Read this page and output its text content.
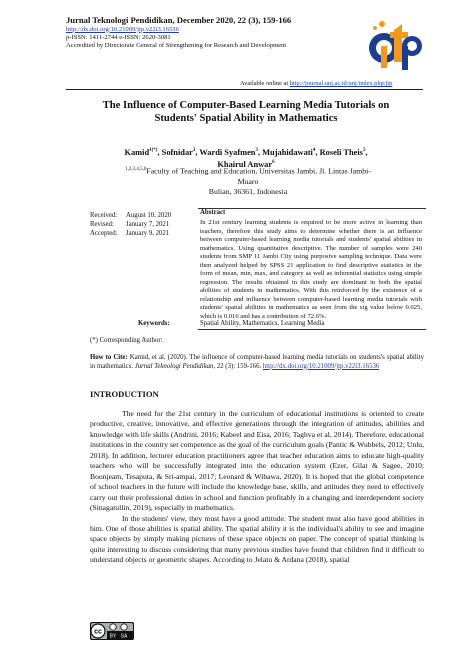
Jurnal Teknologi Pendidikan, December 2020, 22 (3), 159-166
http://dx.doi.org/10.21009/jtp.v22i3.16536
p-ISSN: 1411-2744 e-ISSN: 2620-3081
Accredited by Directorate General of Strengthening for Research and Development
Available online at http://journal.unj.ac.id/unj/index.php/jtp
The Influence of Computer-Based Learning Media Tutorials on
Students' Spatial Ability in Mathematics
Kamid$^{1(*)}$, Sofnidar$^2$, Wardi Syafmen$^3$, Mujahidawati$^4$, Roseli Theis$^5$,
Khairul Anwar$^6$
$^{1,2,3,4,5,6}$Faculty of Teaching and Education, Universitas Jambi, Jl. Lintas Jambi-Muaro
Bulian, 36361, Indonesia
Received:	August 10, 2020
Revised:	January 7, 2021
Accepted:	January 9, 2021
Abstract
In 21st century learning students is required to be more active in learning than teachers, therefore this study aims to determine whether there is an influence between computer-based learning media tutorials and students' spatial abilities in mathematics. Using quantitative descriptive. The number of samples were 240 students from SMP 11 Jambi City using purposive sampling technique. Data were then analyzed helped by SPSS 21 application to find descriptive statistics in the form of mean, min, max, and category as well as inferential statistics using simple regression. The results obtained in this study are dominant in both the spatial abilities of students in mathematics. With this reinforced by the existence of a relationship and influence between computer-based learning media tutorials with students' spatial abilities in mathematics as seen from the sig value below 0.025, which is 0.016 and has a contribution of 72.6%.
Keywords:	Spatial Ability, Mathematics, Learning Media
(*) Corresponding Author:
How to Cite: Kamid, et al. (2020). The influence of computer-based learning media tutorials on students's spatial ability in mathematics. Jurnal Teknologi Pendidikan, 22 (3): 159-166. http://dx.doi.org/10.21009/jtp.v22i3.16536
INTRODUCTION

The need for the 21st century in the curriculum of educational institutions is oriented to create productive, creative, innovative, and effective generations through the integration of attitudes, abilities and knowledge with life skills (Andrini, 2016; Kabeel and Eisa, 2016; Taghva et al, 2014). Therefore, educational institutions in the country set competence as the goal of the curriculum goals (Pantic & Wubbels, 2012; Unlu, 2018). In addition, lecturer education practitioners agree that teacher education aims to educate high-quality teachers who will be successfully integrated into the education system (Ezer, Gilat & Sagee, 2010; Boonjeam, Tesaputa, & Sri-ampai, 2017; Leonard & Wibawa, 2020). It is hoped that the global competence of school teachers in the future will include the knowledge base, skills, and attitudes they need to effectively carry out their professional duties in school and function profitably in a changing and interdependent society (Sinagatullin, 2019), especially in mathematics.

In the students' view, they must have a good attitude. The student must also have good abilities in him. One of those abilities is spatial ability. The spatial ability it is the individual's ability to see and imagine space objects by simply making pictures of these space objects on paper. The concept of spatial thinking is quite interesting to discuss considering that many previous studies have found that children find it difficult to understand objects or geometric shapes. According to Jelatu & Ardana (2018), spatial

cc
BY SA
